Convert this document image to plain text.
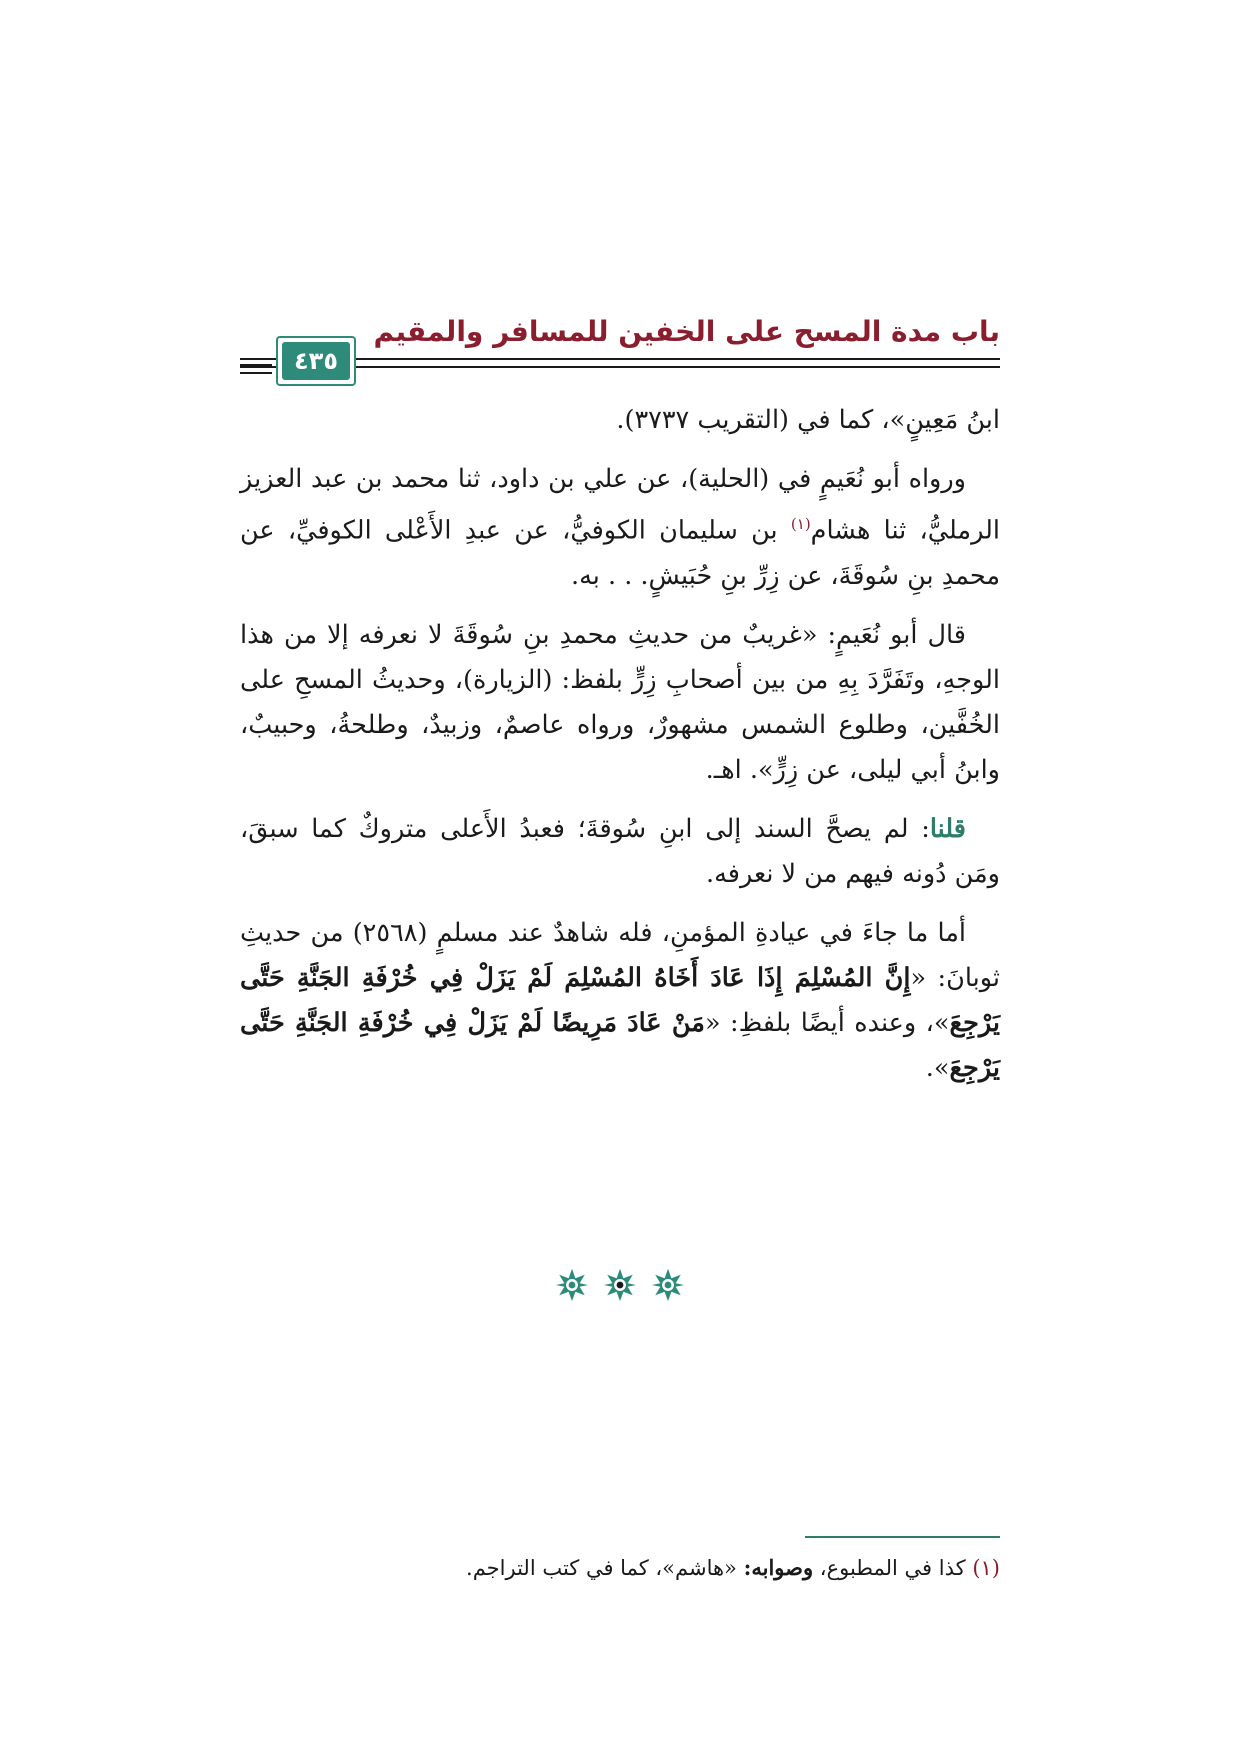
باب مدة المسح على الخفين للمسافر والمقيم
٤٣٥

ابنُ مَعِينٍ»، كما في (التقريب ٣٧٣٧).

ورواه أبو نُعَيمٍ في (الحلية)، عن علي بن داود، ثنا محمد بن عبد العزيز الرمليُّ، ثنا هشام$^{(١)}$ بن سليمان الكوفيُّ، عن عبدِ الأَعْلى الكوفيِّ، عن محمدِ بنِ سُوقَةَ، عن زِرِّ بنِ حُبَيشٍ. . . به.

قال أبو نُعَيمٍ: «غريبٌ من حديثِ محمدِ بنِ سُوقَةَ لا نعرفه إلا من هذا الوجهِ، وتَفَرَّدَ بِهِ من بين أصحابِ زِرٍّ بلفظ: (الزيارة)، وحديثُ المسحِ على الخُفَّين، وطلوع الشمس مشهورٌ، ورواه عاصمٌ، وزبيدٌ، وطلحةُ، وحبيبٌ، وابنُ أبي ليلى، عن زِرٍّ». اهـ.

قلنا: لم يصحَّ السند إلى ابنِ سُوقةَ؛ فعبدُ الأَعلى متروكٌ كما سبقَ، ومَن دُونه فيهم من لا نعرفه.

أما ما جاءَ في عيادةِ المؤمنِ، فله شاهدٌ عند مسلمٍ (٢٥٦٨) من حديثِ ثوبانَ: «إِنَّ المُسْلِمَ إِذَا عَادَ أَخَاهُ المُسْلِمَ لَمْ يَزَلْ فِي خُرْفَةِ الجَنَّةِ حَتَّى يَرْجِعَ»، وعنده أيضًا بلفظِ: «مَنْ عَادَ مَرِيضًا لَمْ يَزَلْ فِي خُرْفَةِ الجَنَّةِ حَتَّى يَرْجِعَ».

(١) كذا في المطبوع، وصوابه: «هاشم»، كما في كتب التراجم.
